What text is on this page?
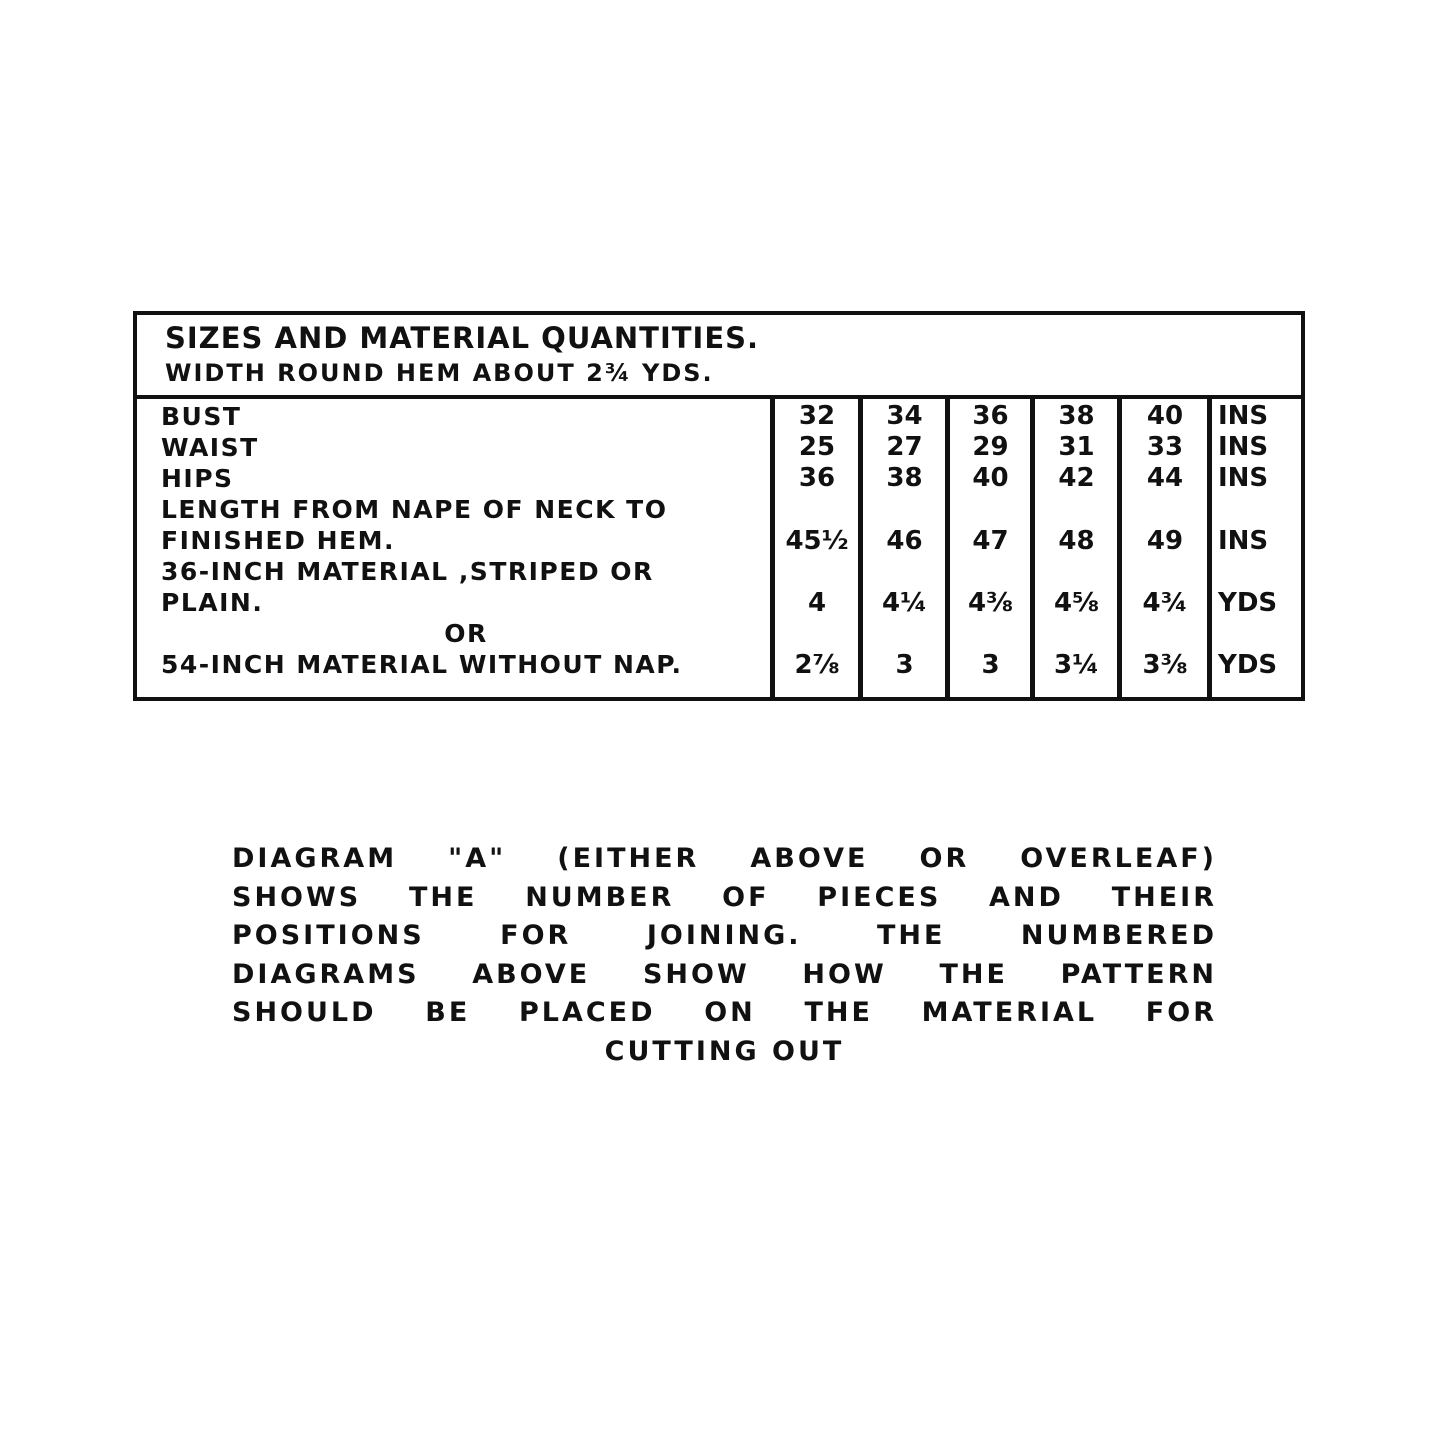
SIZES AND MATERIAL QUANTITIES.
WIDTH ROUND HEM ABOUT 2¾ YDS.
BUST
WAIST
HIPS
LENGTH FROM NAPE OF NECK TO
FINISHED HEM.
36-INCH MATERIAL ,STRIPED OR
PLAIN.
OR
54-INCH MATERIAL WITHOUT NAP.
32
25
36
45½
4
2⅞
34
27
38
46
4¼
3
36
29
40
47
4⅜
3
38
31
42
48
4⅝
3¼
40
33
44
49
4¾
3⅜
INS
INS
INS
INS
YDS
YDS
DIAGRAM "A" (EITHER ABOVE OR OVERLEAF)
SHOWS THE NUMBER OF PIECES AND THEIR
POSITIONS FOR JOINING. THE NUMBERED
DIAGRAMS ABOVE SHOW HOW THE PATTERN
SHOULD BE PLACED ON THE MATERIAL FOR
CUTTING OUT
